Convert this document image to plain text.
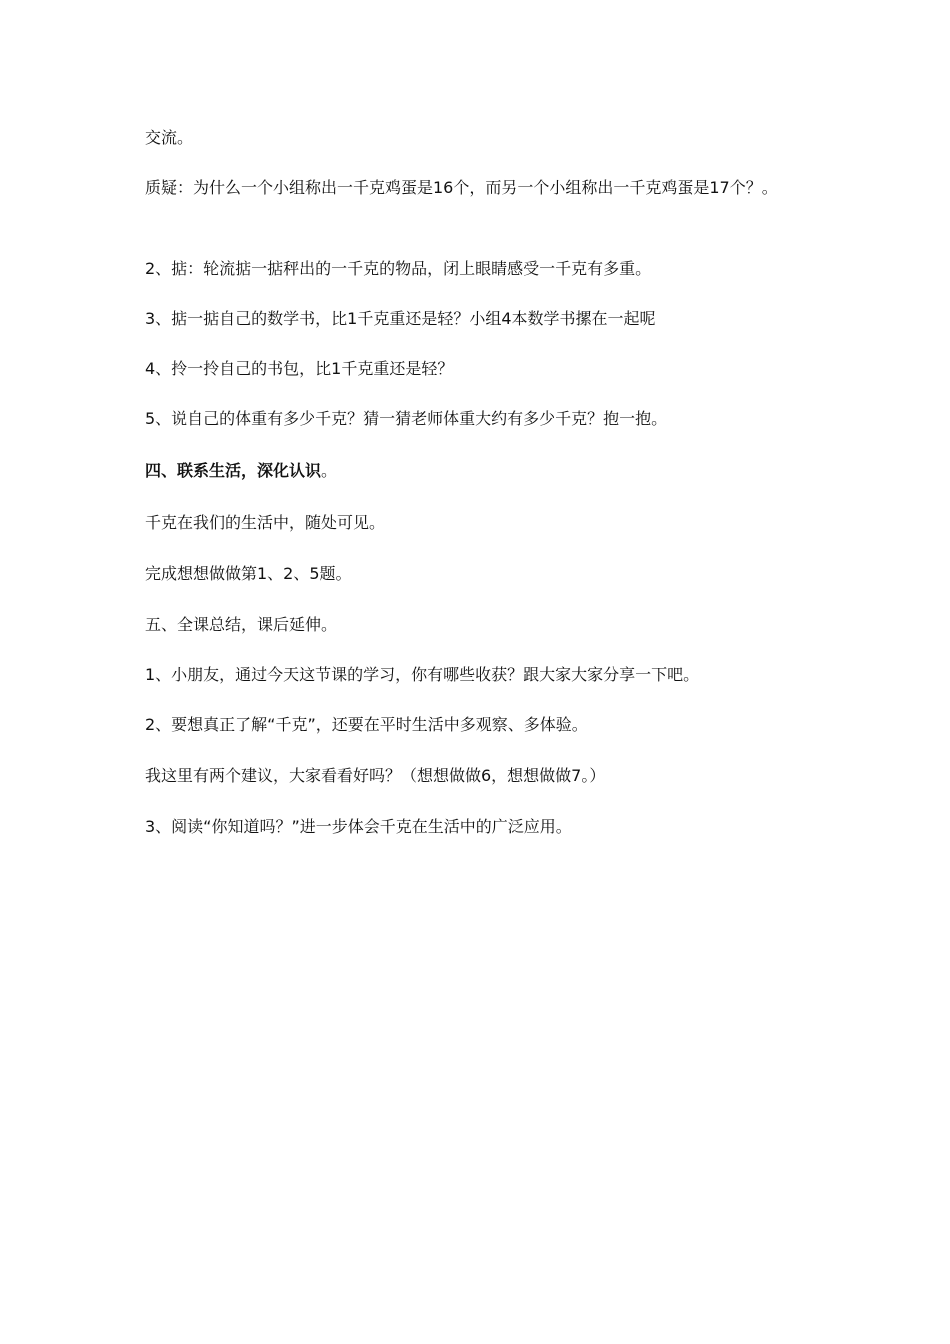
交流。

质疑：为什么一个小组称出一千克鸡蛋是16个，而另一个小组称出一千克鸡蛋是17个？。

2、掂：轮流掂一掂秤出的一千克的物品，闭上眼睛感受一千克有多重。

3、掂一掂自己的数学书，比1千克重还是轻？小组4本数学书摞在一起呢

4、拎一拎自己的书包，比1千克重还是轻？

5、说自己的体重有多少千克？猜一猜老师体重大约有多少千克？抱一抱。

四、联系生活，深化认识。

千克在我们的生活中，随处可见。

完成想想做做第1、2、5题。

五、全课总结，课后延伸。

1、小朋友，通过今天这节课的学习，你有哪些收获？跟大家大家分享一下吧。

2、要想真正了解“千克”，还要在平时生活中多观察、多体验。

我这里有两个建议，大家看看好吗？（想想做做6，想想做做7。）

3、阅读“你知道吗？”进一步体会千克在生活中的广泛应用。
